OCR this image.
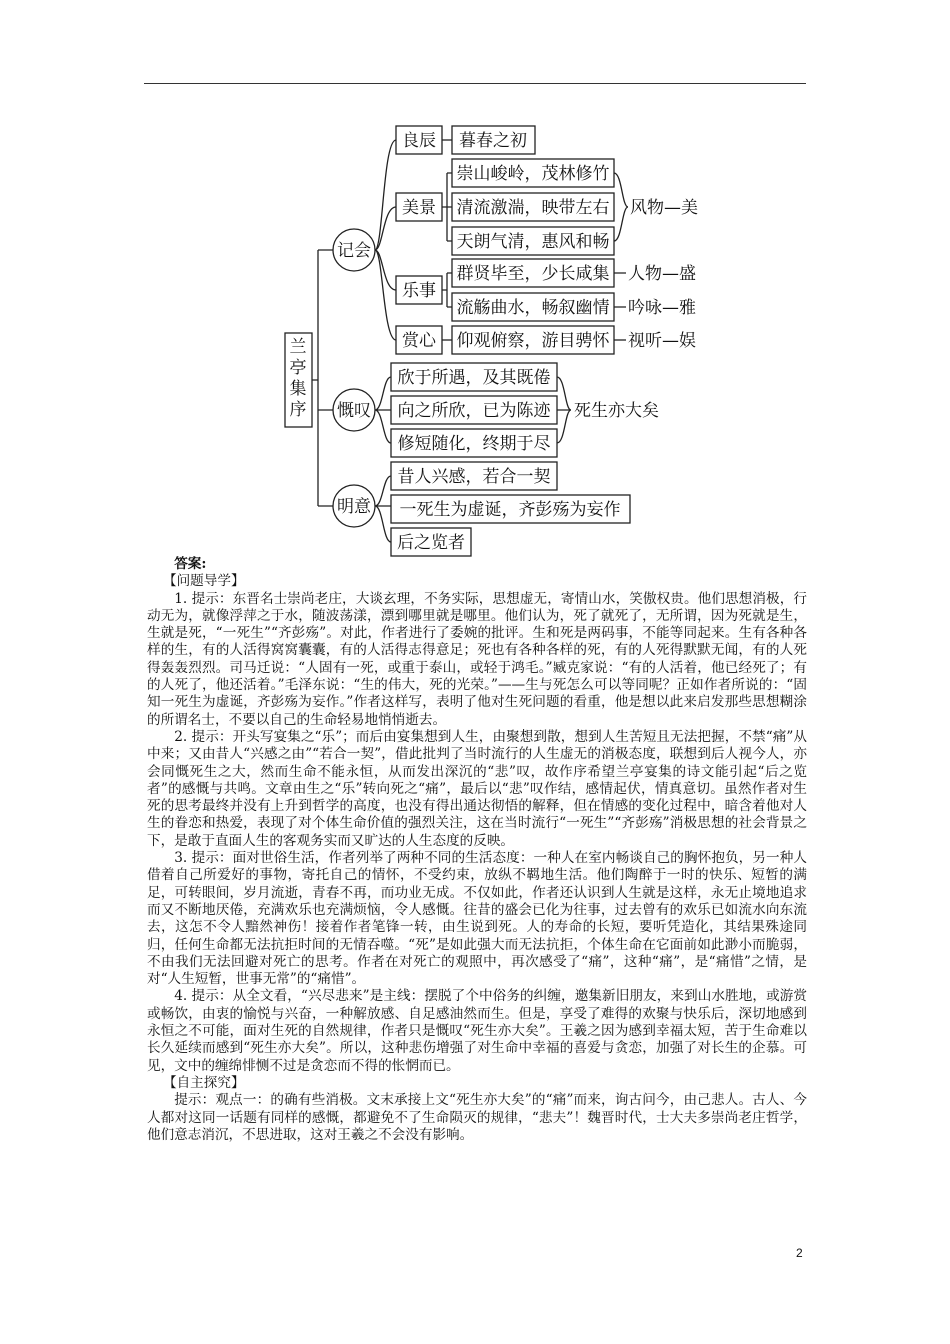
兰
亭
集
序
记会
慨叹
明意
良辰
美景
乐事
赏心
暮春之初
崇山峻岭，茂林修竹
清流激湍，映带左右
天朗气清，惠风和畅
风物—美
群贤毕至，少长咸集
流觞曲水，畅叙幽情
人物—盛
吟咏—雅
仰观俯察，游目骋怀 视听—娱
欣于所遇，及其既倦
向之所欣，已为陈迹
修短随化，终期于尽
死生亦大矣
昔人兴感，若合一契
一死生为虚诞，齐彭殇为妄作
后之览者
答案:
【问题导学】

1. 提示：东晋名士崇尚老庄，大谈玄理，不务实际，思想虚无，寄情山水，笑傲权贵。他们思想消极，行动无为，就像浮萍之于水，随波荡漾，漂到哪里就是哪里。他们认为，死了就死了，无所谓，因为死就是生，生就是死，“一死生”“齐彭殇”。对此，作者进行了委婉的批评。生和死是两码事，不能等同起来。生有各种各样的生，有的人活得窝窝囊囊，有的人活得志得意足；死也有各种各样的死，有的人死得默默无闻，有的人死得轰轰烈烈。司马迁说：“人固有一死，或重于泰山，或轻于鸿毛。”臧克家说：“有的人活着，他已经死了；有的人死了，他还活着。”毛泽东说：“生的伟大，死的光荣。”——生与死怎么可以等同呢？正如作者所说的：“固知一死生为虚诞，齐彭殇为妄作。”作者这样写，表明了他对生死问题的看重，他是想以此来启发那些思想糊涂的所谓名士，不要以自己的生命轻易地悄悄逝去。

2. 提示：开头写宴集之“乐”；而后由宴集想到人生，由聚想到散，想到人生苦短且无法把握，不禁“痛”从中来；又由昔人“兴感之由”“若合一契”，借此批判了当时流行的人生虚无的消极态度，联想到后人视今人，亦会同慨死生之大，然而生命不能永恒，从而发出深沉的“悲”叹，故作序希望兰亭宴集的诗文能引起“后之览者”的感慨与共鸣。文章由生之“乐”转向死之“痛”，最后以“悲”叹作结，感情起伏，情真意切。虽然作者对生死的思考最终并没有上升到哲学的高度，也没有得出通达彻悟的解释，但在情感的变化过程中，暗含着他对人生的眷恋和热爱，表现了对个体生命价值的强烈关注，这在当时流行“一死生”“齐彭殇”消极思想的社会背景之下，是敢于直面人生的客观务实而又旷达的人生态度的反映。

3. 提示：面对世俗生活，作者列举了两种不同的生活态度：一种人在室内畅谈自己的胸怀抱负，另一种人借着自己所爱好的事物，寄托自己的情怀，不受约束，放纵不羁地生活。他们陶醉于一时的快乐、短暂的满足，可转眼间，岁月流逝，青春不再，而功业无成。不仅如此，作者还认识到人生就是这样，永无止境地追求而又不断地厌倦，充满欢乐也充满烦恼，令人感慨。往昔的盛会已化为往事，过去曾有的欢乐已如流水向东流去，这怎不令人黯然神伤！接着作者笔锋一转，由生说到死。人的寿命的长短，要听凭造化，其结果殊途同归，任何生命都无法抗拒时间的无情吞噬。“死”是如此强大而无法抗拒，个体生命在它面前如此渺小而脆弱，不由我们无法回避对死亡的思考。作者在对死亡的观照中，再次感受了“痛”，这种“痛”，是“痛惜”之情，是对“人生短暂，世事无常”的“痛惜”。

4. 提示：从全文看，“兴尽悲来”是主线：摆脱了个中俗务的纠缠，邀集新旧朋友，来到山水胜地，或游赏或畅饮，由衷的愉悦与兴奋，一种解放感、自足感油然而生。但是，享受了难得的欢聚与快乐后，深切地感到永恒之不可能，面对生死的自然规律，作者只是慨叹“死生亦大矣”。王羲之因为感到幸福太短，苦于生命难以长久延续而感到“死生亦大矣”。所以，这种悲伤增强了对生命中幸福的喜爱与贪恋，加强了对长生的企慕。可见，文中的缠绵悱恻不过是贪恋而不得的怅惘而已。

【自主探究】

提示：观点一：的确有些消极。文末承接上文“死生亦大矣”的“痛”而来，询古问今，由己悲人。古人、今人都对这同一话题有同样的感慨，都避免不了生命陨灭的规律，“悲夫”！魏晋时代，士大夫多崇尚老庄哲学，他们意志消沉，不思进取，这对王羲之不会没有影响。

2
